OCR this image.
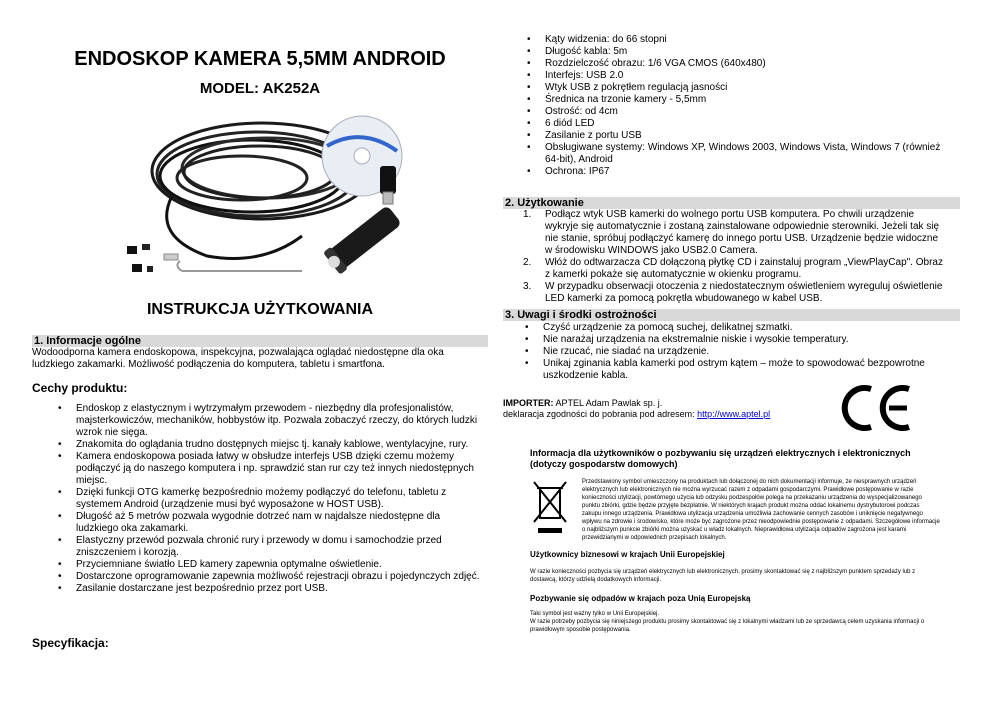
ENDOSKOP KAMERA 5,5MM ANDROID
MODEL: AK252A
INSTRUKCJA UŻYTKOWANIA
1. Informacje ogólne
Wodoodporna kamera endoskopowa, inspekcyjna, pozwalająca oglądać niedostępne dla oka ludzkiego zakamarki. Możliwość podłączenia do komputera, tabletu i smartfona.
Cechy produktu:
• Endoskop z elastycznym i wytrzymałym przewodem - niezbędny dla profesjonalistów, majsterkowiczów, mechaników, hobbystów itp. Pozwala zobaczyć rzeczy, do których ludzki wzrok nie sięga.
• Znakomita do oglądania trudno dostępnych miejsc tj. kanały kablowe, wentylacyjne, rury.
• Kamera endoskopowa posiada łatwy w obsłudze interfejs USB dzięki czemu możemy podłączyć ją do naszego komputera i np. sprawdzić stan rur czy też innych niedostępnych miejsc.
• Dzięki funkcji OTG kamerkę bezpośrednio możemy podłączyć do telefonu, tabletu z systemem Android (urządzenie musi być wyposażone w HOST USB).
• Długość aż 5 metrów pozwala wygodnie dotrzeć nam w najdalsze niedostępne dla ludzkiego oka zakamarki.
• Elastyczny przewód pozwala chronić rury i przewody w domu i samochodzie przed zniszczeniem i korozją.
• Przyciemniane światło LED kamery zapewnia optymalne oświetlenie.
• Dostarczone oprogramowanie zapewnia możliwość rejestracji obrazu i pojedynczych zdjęć.
• Zasilanie dostarczane jest bezpośrednio przez port USB.
Specyfikacja:
• Kąty widzenia: do 66 stopni
• Długość kabla: 5m
• Rozdzielczość obrazu: 1/6 VGA CMOS (640x480)
• Interfejs: USB 2.0
• Wtyk USB z pokrętłem regulacją jasności
• Średnica na trzonie kamery - 5,5mm
• Ostrość: od 4cm
• 6 diód LED
• Zasilanie z portu USB
• Obsługiwane systemy: Windows XP, Windows 2003, Windows Vista, Windows 7 (również 64-bit), Android
• Ochrona: IP67
2. Użytkowanie
1. Podłącz wtyk USB kamerki do wolnego portu USB komputera. Po chwili urządzenie wykryje się automatycznie i zostaną zainstalowane odpowiednie sterowniki. Jeżeli tak się nie stanie, spróbuj podłączyć kamerę do innego portu USB. Urządzenie będzie widoczne w środowisku WINDOWS jako USB2.0 Camera.
2. Włóż do odtwarzacza CD dołączoną płytkę CD i zainstaluj program „ViewPlayCap". Obraz z kamerki pokaże się automatycznie w okienku programu.
3. W przypadku obserwacji otoczenia z niedostatecznym oświetleniem wyreguluj oświetlenie LED kamerki za pomocą pokrętła wbudowanego w kabel USB.
3. Uwagi i środki ostrożności
• Czyść urządzenie za pomocą suchej, delikatnej szmatki.
• Nie narażaj urządzenia na ekstremalnie niskie i wysokie temperatury.
• Nie rzucać, nie siadać na urządzenie.
• Unikaj zginania kabla kamerki pod ostrym kątem – może to spowodować bezpowrotne uszkodzenie kabla.
IMPORTER: APTEL Adam Pawlak sp. j.
deklaracja zgodności do pobrania pod adresem: http://www.aptel.pl
Informacja dla użytkowników o pozbywaniu się urządzeń elektrycznych i elektronicznych (dotyczy gospodarstw domowych)
Przedstawiony symbol umieszczony na produktach lub dołączonej do nich dokumentacji informuje, że niesprawnych urządzeń elektrycznych lub elektronicznych nie można wyrzucać razem z odpadami gospodarczymi. Prawidłowe postępowanie w razie konieczności utylizacji, powtórnego użycia lub odzysku podzespołów polega na przekazaniu urządzenia do wyspecjalizowanego punktu zbiórki, gdzie będzie przyjęte bezpłatnie. W niektórych krajach produkt można oddać lokalnemu dystrybutorowi podczas zakupu innego urządzenia. Prawidłowa utylizacja urządzenia umożliwia zachowanie cennych zasobów i uniknięcie negatywnego wpływu na zdrowie i środowisko, które może być zagrożone przez nieodpowiednie postępowanie z odpadami. Szczegółowe informacje o najbliższym punkcie zbiórki można uzyskać u władz lokalnych. Nieprawidłowa utylizacja odpadów zagrożona jest karami przewidzianymi w odpowiednich przepisach lokalnych.
Użytkownicy biznesowi w krajach Unii Europejskiej
W razie konieczności pozbycia się urządzeń elektrycznych lub elektronicznych, prosimy skontaktować się z najbliższym punktem sprzedaży lub z dostawcą, którzy udzielą dodatkowych informacji.
Pozbywanie się odpadów w krajach poza Unią Europejską
Taki symbol jest ważny tylko w Unii Europejskiej.
W razie potrzeby pozbycia się niniejszego produktu prosimy skontaktować się z lokalnymi władzami lub ze sprzedawcą celem uzyskania informacji o prawidłowym sposobie postępowania.
